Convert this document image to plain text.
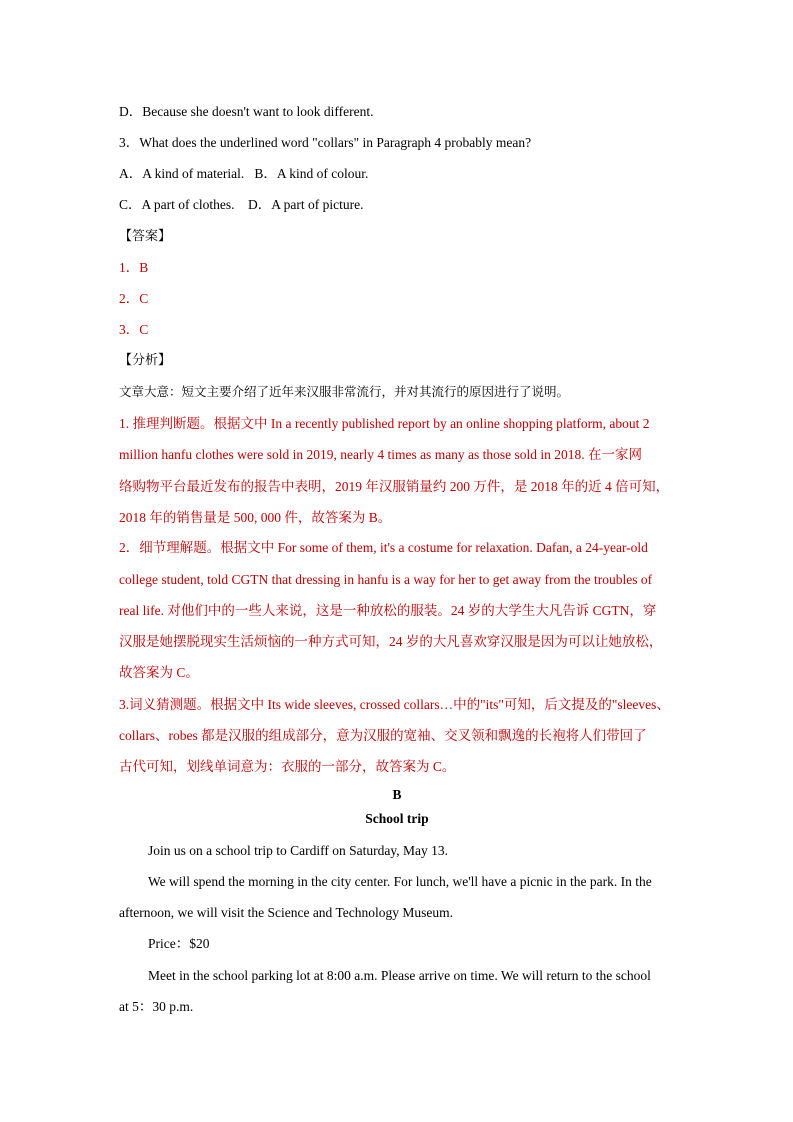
D．Because she doesn't want to look different.
3．What does the underlined word "collars" in Paragraph 4 probably mean?
A．A kind of material.   B．A kind of colour.
C．A part of clothes.    D．A part of picture.
【答案】
1．B
2．C
3．C
【分析】
文章大意：短文主要介绍了近年来汉服非常流行，并对其流行的原因进行了说明。
1. 推理判断题。根据文中 In a recently published report by an online shopping platform, about 2
million hanfu clothes were sold in 2019, nearly 4 times as many as those sold in 2018. 在一家网
络购物平台最近发布的报告中表明，2019 年汉服销量约 200 万件，是 2018 年的近 4 倍可知，
2018 年的销售量是 500, 000 件，故答案为 B。
2．细节理解题。根据文中 For some of them, it's a costume for relaxation. Dafan, a 24-year-old
college student, told CGTN that dressing in hanfu is a way for her to get away from the troubles of
real life. 对他们中的一些人来说，这是一种放松的服装。24 岁的大学生大凡告诉 CGTN，穿
汉服是她摆脱现实生活烦恼的一种方式可知，24 岁的大凡喜欢穿汉服是因为可以让她放松，
故答案为 C。
3.词义猜测题。根据文中 Its wide sleeves, crossed collars…中的"its"可知，后文提及的"sleeves、
collars、robes 都是汉服的组成部分，意为汉服的宽袖、交叉领和飘逸的长袍将人们带回了
古代可知，划线单词意为：衣服的一部分，故答案为 C。
B
School trip
Join us on a school trip to Cardiff on Saturday, May 13.
We will spend the morning in the city center. For lunch, we'll have a picnic in the park. In the
afternoon, we will visit the Science and Technology Museum.
Price：$20
Meet in the school parking lot at 8:00 a.m. Please arrive on time. We will return to the school
at 5：30 p.m.
